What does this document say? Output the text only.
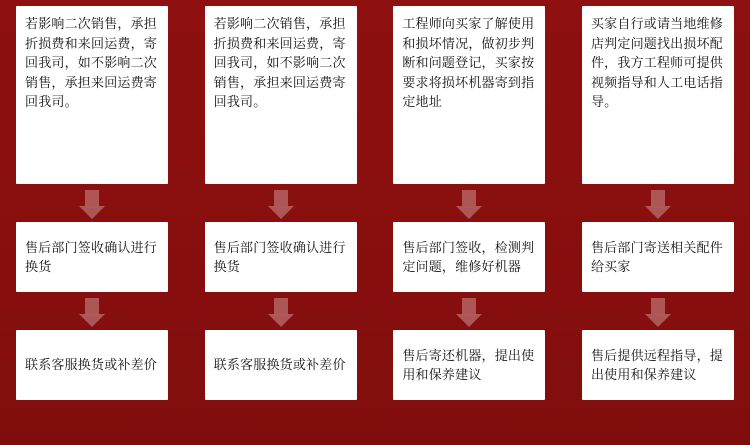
若影响二次销售，承担折损费和来回运费，寄回我司，如不影响二次销售，承担来回运费寄回我司。
售后部门签收确认进行换货
联系客服换货或补差价
若影响二次销售，承担折损费和来回运费，寄回我司，如不影响二次销售，承担来回运费寄回我司。
售后部门签收确认进行换货
联系客服换货或补差价
工程师向买家了解使用和损坏情况，做初步判断和问题登记，买家按要求将损坏机器寄到指定地址
售后部门签收，检测判定问题，维修好机器
售后寄还机器，提出使用和保养建议
买家自行或请当地维修店判定问题找出损坏配件，我方工程师可提供视频指导和人工电话指导。
售后部门寄送相关配件给买家
售后提供远程指导，提出使用和保养建议
